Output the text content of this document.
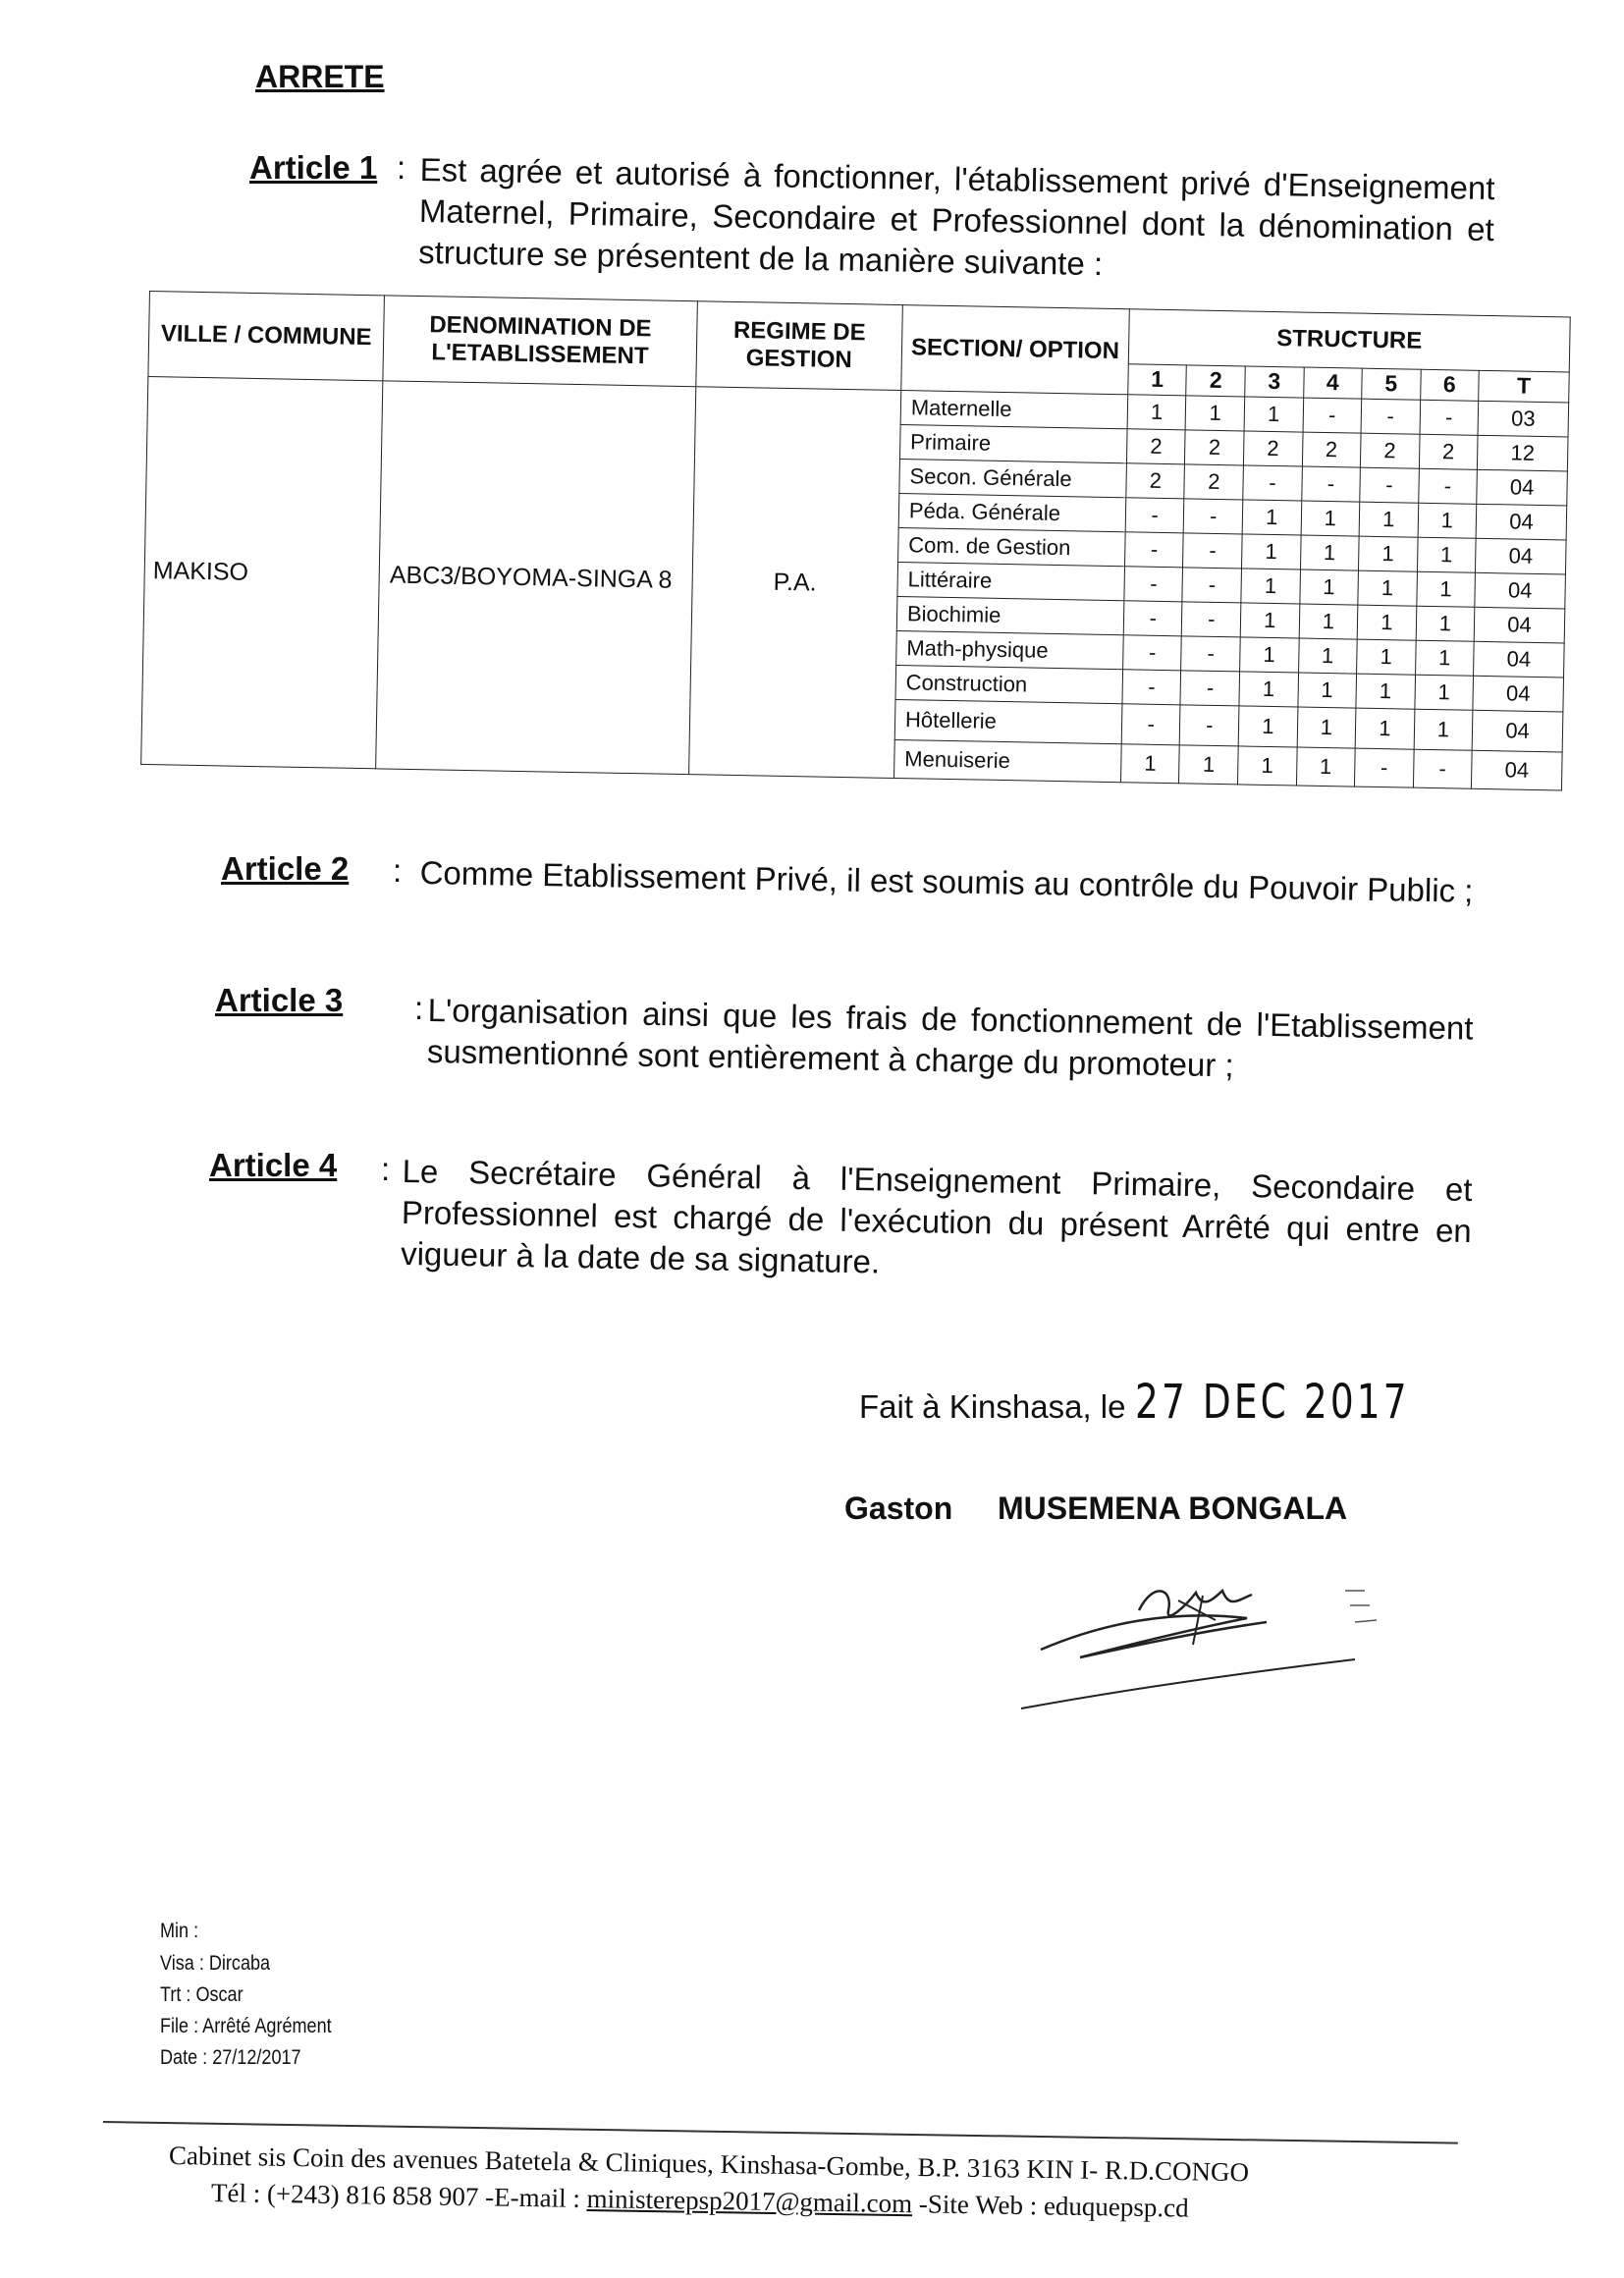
ARRETE
Article 1 : Est agrée et autorisé à fonctionner, l'établissement privé d'Enseignement Maternel, Primaire, Secondaire et Professionnel dont la dénomination et structure se présentent de la manière suivante :
VILLE / COMMUNE	DENOMINATION DE L'ETABLISSEMENT	REGIME DE GESTION	SECTION/ OPTION	STRUCTURE						
				1	2	3	4	5	6	T
MAKISO	ABC3/BOYOMA-SINGA 8	P.A.	Maternelle	1	1	1	-	-	-	03
			Primaire	2	2	2	2	2	2	12
			Secon. Générale	2	2	-	-	-	-	04
			Péda. Générale	-	-	1	1	1	1	04
			Com. de Gestion	-	-	1	1	1	1	04
			Littéraire	-	-	1	1	1	1	04
			Biochimie	-	-	1	1	1	1	04
			Math-physique	-	-	1	1	1	1	04
			Construction	-	-	1	1	1	1	04
			Hôtellerie	-	-	1	1	1	1	04
			Menuiserie	1	1	1	1	-	-	04
Article 2 : Comme Etablissement Privé, il est soumis au contrôle du Pouvoir Public ;
Article 3 : L'organisation ainsi que les frais de fonctionnement de l'Etablissement susmentionné sont entièrement à charge du promoteur ;
Article 4 : Le Secrétaire Général à l'Enseignement Primaire, Secondaire et Professionnel est chargé de l'exécution du présent Arrêté qui entre en vigueur à la date de sa signature.
Fait à Kinshasa, le 27 DEC 2017
Gaston MUSEMENA BONGALA
Min :
Visa : Dircaba
Trt : Oscar
File : Arrêté Agrément
Date : 27/12/2017
Cabinet sis Coin des avenues Batetela & Cliniques, Kinshasa-Gombe, B.P. 3163 KIN I- R.D.CONGO
Tél : (+243) 816 858 907 -E-mail : ministerepsp2017@gmail.com -Site Web : eduquepsp.cd
